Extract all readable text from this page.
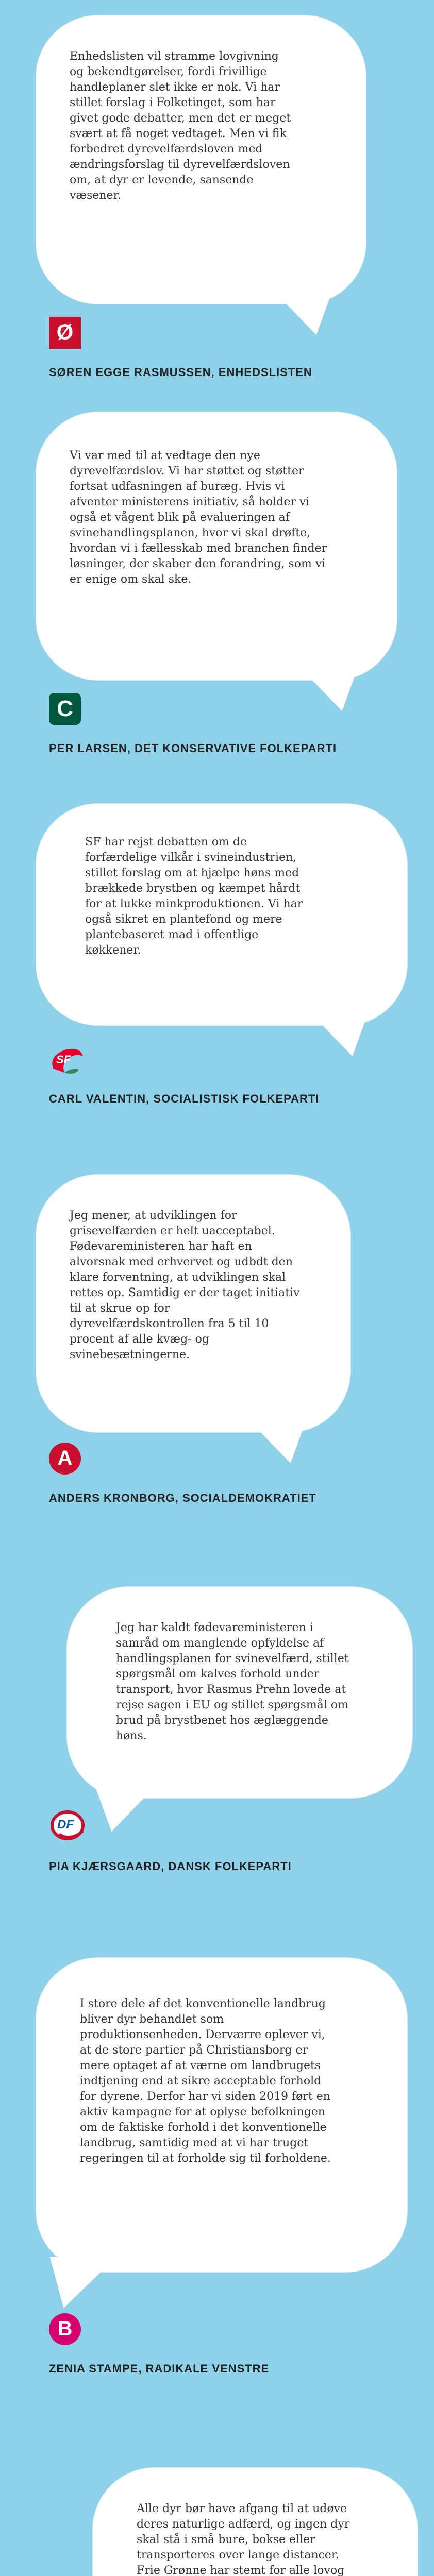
Enhedslisten vil stramme lovgivning og bekendtgørelser, fordi frivillige handleplaner slet ikke er nok. Vi har stillet forslag i Folketinget, som har givet gode debatter, men det er meget svært at få noget vedtaget. Men vi fik forbedret dyrevelfærdsloven med ændringsforslag til dyrevelfærdsloven om, at dyr er levende, sansende væsener.

Ø
SØREN EGGE RASMUSSEN, ENHEDSLISTEN

Vi var med til at vedtage den nye dyrevelfærdslov. Vi har støttet og støtter fortsat udfasningen af buræg. Hvis vi afventer ministerens initiativ, så holder vi også et vågent blik på evalueringen af svinehandlingsplanen, hvor vi skal drøfte, hvordan vi i fællesskab med branchen finder løsninger, der skaber den forandring, som vi er enige om skal ske.

C
PER LARSEN, DET KONSERVATIVE FOLKEPARTI

SF har rejst debatten om de forfærdelige vilkår i svineindustrien, stillet forslag om at hjælpe høns med brækkede brystben og kæmpet hårdt for at lukke minkproduktionen. Vi har også sikret en plantefond og mere plantebaseret mad i offentlige køkkener.

SF
CARL VALENTIN, SOCIALISTISK FOLKEPARTI

Jeg mener, at udviklingen for grisevelfærden er helt uacceptabel. Fødevareministeren har haft en alvorsnak med erhvervet og udbdt den klare forventning, at udviklingen skal rettes op. Samtidig er der taget initiativ til at skrue op for dyrevelfærdskontrollen fra 5 til 10 procent af alle kvæg- og svinebesætningerne.

A
ANDERS KRONBORG, SOCIALDEMOKRATIET

Jeg har kaldt fødevareministeren i samråd om manglende opfyldelse af handlingsplanen for svinevelfærd, stillet spørgsmål om kalves forhold under transport, hvor Rasmus Prehn lovede at rejse sagen i EU og stillet spørgsmål om brud på brystbenet hos æglæggende høns.

DF
PIA KJÆRSGAARD, DANSK FOLKEPARTI

I store dele af det konventionelle landbrug bliver dyr behandlet som produktionsenheden. Derværre oplever vi, at de store partier på Christiansborg er mere optaget af at værne om landbrugets indtjening end at sikre acceptable forhold for dyrene. Derfor har vi siden 2019 ført en aktiv kampagne for at oplyse befolkningen om de faktiske forhold i det konventionelle landbrug, samtidig med at vi har truget regeringen til at forholde sig til forholdene.

B
ZENIA STAMPE, RADIKALE VENSTRE

Alle dyr bør have afgang til at udøve deres naturlige adfærd, og ingen dyr skal stå i små bure, bokse eller transporteres over lange distancer. Frie Grønne har stemt for alle lovog
